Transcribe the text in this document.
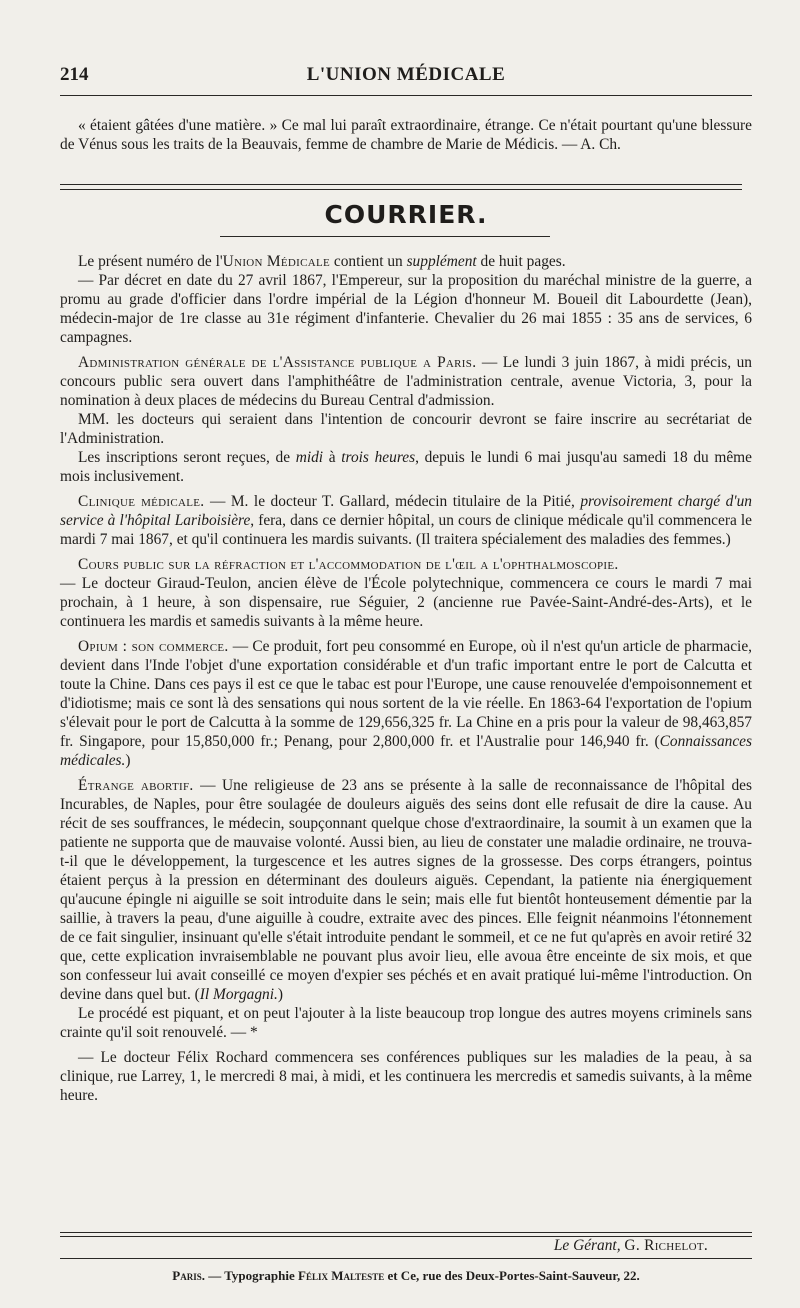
214	L'UNION MÉDICALE

« étaient gâtées d'une matière. » Ce mal lui paraît extraordinaire, étrange. Ce n'était pourtant qu'une blessure de Vénus sous les traits de la Beauvais, femme de chambre de Marie de Médicis. — A. Ch.

COURRIER.

Le présent numéro de l'Union Médicale contient un supplément de huit pages.

— Par décret en date du 27 avril 1867, l'Empereur, sur la proposition du maréchal ministre de la guerre, a promu au grade d'officier dans l'ordre impérial de la Légion d'honneur M. Boueil dit Labourdette (Jean), médecin-major de 1re classe au 31e régiment d'infanterie. Chevalier du 26 mai 1855 : 35 ans de services, 6 campagnes.

Administration générale de l'Assistance publique a Paris. — Le lundi 3 juin 1867, à midi précis, un concours public sera ouvert dans l'amphithéâtre de l'administration centrale, avenue Victoria, 3, pour la nomination à deux places de médecins du Bureau Central d'admission.

MM. les docteurs qui seraient dans l'intention de concourir devront se faire inscrire au secrétariat de l'Administration.

Les inscriptions seront reçues, de midi à trois heures, depuis le lundi 6 mai jusqu'au samedi 18 du même mois inclusivement.

Clinique médicale. — M. le docteur T. Gallard, médecin titulaire de la Pitié, provisoirement chargé d'un service à l'hôpital Lariboisière, fera, dans ce dernier hôpital, un cours de clinique médicale qu'il commencera le mardi 7 mai 1867, et qu'il continuera les mardis suivants. (Il traitera spécialement des maladies des femmes.)

Cours public sur la réfraction et l'accommodation de l'œil a l'ophthalmoscopie.

— Le docteur Giraud-Teulon, ancien élève de l'École polytechnique, commencera ce cours le mardi 7 mai prochain, à 1 heure, à son dispensaire, rue Séguier, 2 (ancienne rue Pavée-Saint-André-des-Arts), et le continuera les mardis et samedis suivants à la même heure.

Opium : son commerce. — Ce produit, fort peu consommé en Europe, où il n'est qu'un article de pharmacie, devient dans l'Inde l'objet d'une exportation considérable et d'un trafic important entre le port de Calcutta et toute la Chine. Dans ces pays il est ce que le tabac est pour l'Europe, une cause renouvelée d'empoisonnement et d'idiotisme; mais ce sont là des sensations qui nous sortent de la vie réelle. En 1863-64 l'exportation de l'opium s'élevait pour le port de Calcutta à la somme de 129,656,325 fr. La Chine en a pris pour la valeur de 98,463,857 fr. Singapore, pour 15,850,000 fr.; Penang, pour 2,800,000 fr. et l'Australie pour 146,940 fr. (Connaissances médicales.)

Étrange abortif. — Une religieuse de 23 ans se présente à la salle de reconnaissance de l'hôpital des Incurables, de Naples, pour être soulagée de douleurs aiguës des seins dont elle refusait de dire la cause. Au récit de ses souffrances, le médecin, soupçonnant quelque chose d'extraordinaire, la soumit à un examen que la patiente ne supporta que de mauvaise volonté. Aussi bien, au lieu de constater une maladie ordinaire, ne trouva-t-il que le développement, la turgescence et les autres signes de la grossesse. Des corps étrangers, pointus étaient perçus à la pression en déterminant des douleurs aiguës. Cependant, la patiente nia énergiquement qu'aucune épingle ni aiguille se soit introduite dans le sein; mais elle fut bientôt honteusement démentie par la saillie, à travers la peau, d'une aiguille à coudre, extraite avec des pinces. Elle feignit néanmoins l'étonnement de ce fait singulier, insinuant qu'elle s'était introduite pendant le sommeil, et ce ne fut qu'après en avoir retiré 32 que, cette explication invraisemblable ne pouvant plus avoir lieu, elle avoua être enceinte de six mois, et que son confesseur lui avait conseillé ce moyen d'expier ses péchés et en avait pratiqué lui-même l'introduction. On devine dans quel but. (Il Morgagni.)

Le procédé est piquant, et on peut l'ajouter à la liste beaucoup trop longue des autres moyens criminels sans crainte qu'il soit renouvelé. — *

— Le docteur Félix Rochard commencera ses conférences publiques sur les maladies de la peau, à sa clinique, rue Larrey, 1, le mercredi 8 mai, à midi, et les continuera les mercredis et samedis suivants, à la même heure.

Le Gérant, G. Richelot.
Paris. — Typographie Félix Malteste et Ce, rue des Deux-Portes-Saint-Sauveur, 22.
